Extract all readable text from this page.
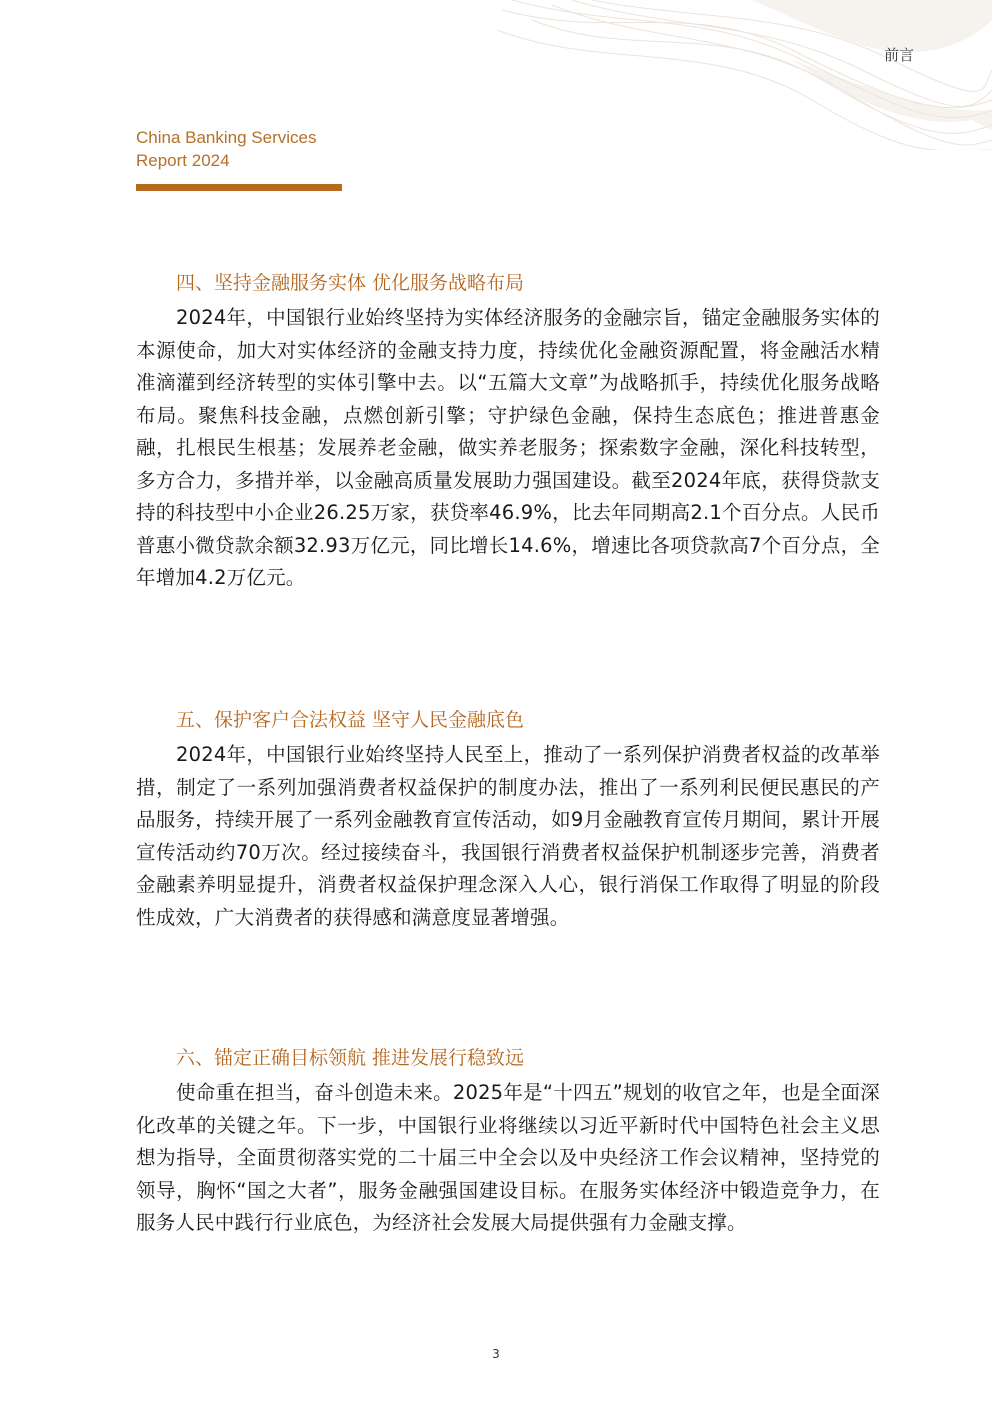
前言
China Banking Services
Report 2024
四、坚持金融服务实体 优化服务战略布局

2024年，中国银行业始终坚持为实体经济服务的金融宗旨，锚定金融服务实体的本源使命，加大对实体经济的金融支持力度，持续优化金融资源配置，将金融活水精准滴灌到经济转型的实体引擎中去。以“五篇大文章”为战略抓手，持续优化服务战略布局。聚焦科技金融，点燃创新引擎；守护绿色金融，保持生态底色；推进普惠金融，扎根民生根基；发展养老金融，做实养老服务；探索数字金融，深化科技转型，多方合力，多措并举，以金融高质量发展助力强国建设。截至2024年底，获得贷款支持的科技型中小企业26.25万家，获贷率46.9%，比去年同期高2.1个百分点。人民币普惠小微贷款余额32.93万亿元，同比增长14.6%，增速比各项贷款高7个百分点，全年增加4.2万亿元。

五、保护客户合法权益 坚守人民金融底色

2024年，中国银行业始终坚持人民至上，推动了一系列保护消费者权益的改革举措，制定了一系列加强消费者权益保护的制度办法，推出了一系列利民便民惠民的产品服务，持续开展了一系列金融教育宣传活动，如9月金融教育宣传月期间，累计开展宣传活动约70万次。经过接续奋斗，我国银行消费者权益保护机制逐步完善，消费者金融素养明显提升，消费者权益保护理念深入人心，银行消保工作取得了明显的阶段性成效，广大消费者的获得感和满意度显著增强。

六、锚定正确目标领航 推进发展行稳致远

使命重在担当，奋斗创造未来。2025年是“十四五”规划的收官之年，也是全面深化改革的关键之年。下一步，中国银行业将继续以习近平新时代中国特色社会主义思想为指导，全面贯彻落实党的二十届三中全会以及中央经济工作会议精神，坚持党的领导，胸怀“国之大者”，服务金融强国建设目标。在服务实体经济中锻造竞争力，在服务人民中践行行业底色，为经济社会发展大局提供强有力金融支撑。

3
